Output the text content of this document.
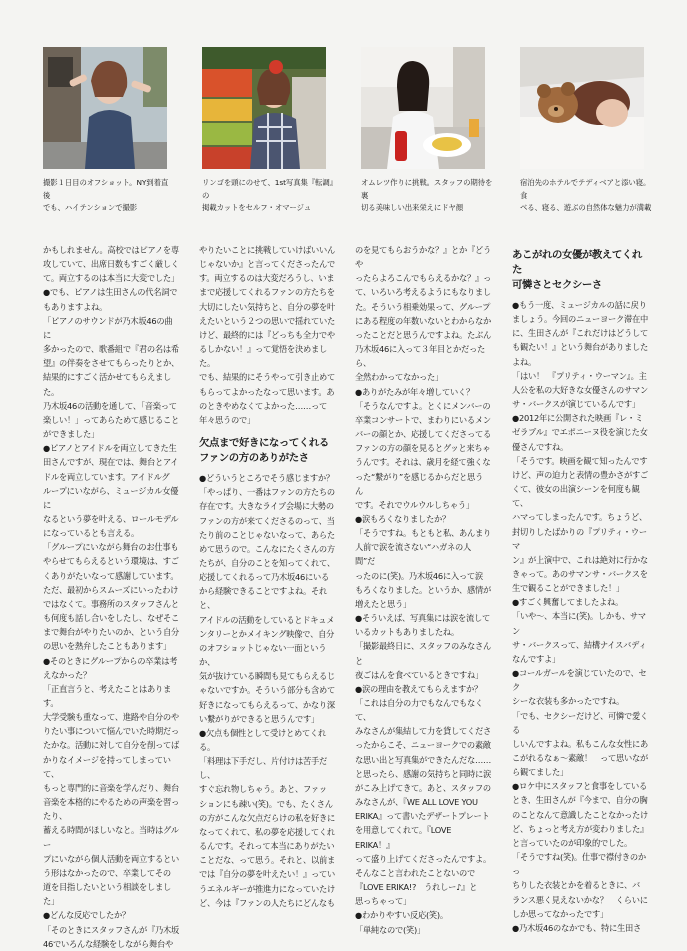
撮影１日目のオフショット。NY到着直後
でも、ハイテンションで撮影
リンゴを頭にのせて、1st写真集『転調』の
掲載カットをセルフ・オマージュ
オムレツ作りに挑戦。スタッフの期待を裏
切る美味しい出来栄えにドヤ顔
宿泊先のホテルでテディベアと添い寝。食
べる、寝る、遊ぶの自然体な魅力が満載

かもしれません。高校ではピアノを専
攻していて、出席日数もすごく厳しく
て。両立するのは本当に大変でした」

●でも、ピアノは生田さんの代名詞で
もありますよね。

「ピアノのサウンドが乃木坂46の曲に
多かったので、歌番組で『君の名は希
望』の伴奏をさせてもらったりとか、
結果的にすごく活かせてもらえました。
乃木坂46の活動を通して、「音楽って
楽しい！」ってあらためて感じること
ができました」

●ピアノとアイドルを両立してきた生
田さんですが、現在では、舞台とアイ
ドルを両立しています。アイドルグ
ループにいながら、ミュージカル女優に
なるという夢を叶える、ロールモデル
になっているとも言える。

「グループにいながら舞台のお仕事も
やらせてもらえるという環境は、すご
くありがたいなって感謝しています。
ただ、最初からスムーズにいったわけ
ではなくて。事務所のスタッフさんと
も何度も話し合いをしたし、なぜそこ
まで舞台がやりたいのか、という自分
の思いを熱弁したこともあります」

●そのときにグループからの卒業は考
えなかった？

「正直言うと、考えたことはあります。
大学受験も重なって、進路や自分のや
りたい事について悩んでいた時期だっ
たかな。活動に対して自分を削ってば
かりなイメージを持ってしまっていて、
もっと専門的に音楽を学んだり、舞台
音楽を本格的にやるための声楽を習ったり、
蓄える時間がほしいなと。当時はグルー
プにいながら個人活動を両立するとい
う形はなかったので、卒業してその
道を目指したいという相談をしました」

●どんな反応でしたか？

「そのときにスタッフさんが『乃木坂
46でいろんな経験をしながら舞台や

やりたいことに挑戦していけばいいん
じゃないか』と言ってくださったんで
す。両立するのは大変だろうし、いま
まで応援してくれるファンの方たちを
大切にしたい気持ちと、自分の夢を叶
えたいという２つの思いで揺れていた
けど、最終的には『どっちも全力でや
るしかない！』って覚悟を決めました。
でも、結果的にそうやって引き止めて
もらってよかったなって思います。あ
のときやめなくてよかった……って
年々思うので」

欠点まで好きになってくれる
ファンの方のありがたさ

●どういうところでそう感じますか？

「やっぱり、一番はファンの方たちの
存在です。大きなライブ会場に大勢の
ファンの方が来てくださるのって、当
たり前のことじゃないなって、あらた
めて思うので。こんなにたくさんの方
たちが、自分のことを知ってくれて、
応援してくれるって乃木坂46にいる
から経験できることですよね。それと、
アイドルの活動をしているとドキュメ
ンタリーとかメイキング映像で、自分
のオフショットじゃない一面というか、
気が抜けている瞬間も見てもらえるじ
ゃないですか。そういう部分も含めて
好きになってもらえるって、かなり深
い繋がりができると思うんです」

●欠点も個性として受けとめてくれる。

「料理は下手だし、片付けは苦手だし、
すぐ忘れ物しちゃう。あと、ファッ
ションにも疎い(笑)。でも、たくさん
の方がこんな欠点だらけの私を好きに
なってくれて、私の夢を応援してくれ
るんです。それって本当にありがたい
ことだな、って思う。それと、以前ま
では『自分の夢を叶えたい！』ってい
うエネルギーが推進力になっていたけ
ど、今は『ファンの人たちにどんなも

のを見てもらおうかな？』とか『どうや
ったらよろこんでもらえるかな？』っ
て、いろいろ考えるようにもなりまし
た。そういう相乗効果って、グループ
にある程度の年数いないとわからなか
ったことだと思うんですよね。たぶん
乃木坂46に入って３年目とかだったら、
全然わかってなかった」

●ありがたみが年々増していく？

「そうなんですよ。とくにメンバーの
卒業コンサートで、まわりにいるメン
バーの顔とか、応援してくださってる
ファンの方の顔を見るとグッと来ちゃ
うんです。それは、歳月を経て強くな
った“繋がり”を感じるからだと思うん
です。それでウルウルしちゃう」

●涙もろくなりましたか？

「そうですね。もともと私、あんまり
人前で涙を流さない“ハガネの人間”だ
ったのに(笑)。乃木坂46に入って涙
もろくなりました。というか、感情が
増えたと思う」

●そういえば、写真集には涙を流して
いるカットもありましたね。

「撮影最終日に、スタッフのみなさんと
夜ごはんを食べているときですね」

●涙の理由を教えてもらえますか？

「これは自分の力でもなんでもなくて、
みなさんが集結して力を貸してくださ
ったからこそ、ニューヨークでの素敵
な思い出と写真集ができたんだな……
と思ったら、感謝の気持ちと同時に涙
がこみ上げてきて。あと、スタッフの
みなさんが、『WE ALL LOVE YOU
ERIKA』って書いたデザートプレート
を用意してくれて。『LOVE ERIKA！』
って盛り上げてくださったんですよ。
そんなこと言われたことないので
『LOVE ERIKA!?　うれしー♪』と
思っちゃって」

●わかりやすい反応(笑)。

「単純なので(笑)」

あこがれの女優が教えてくれた
可憐さとセクシーさ

●もう一度、ミュージカルの話に戻り
ましょう。今回のニューヨーク滞在中
に、生田さんが『これだけはどうして
も観たい！』という舞台がありました
よね。

「はい！　『プリティ・ウーマン』。主
人公を私の大好きな女優さんのサマン
サ・バークスが演じているんです」

●2012年に公開された映画『レ・ミ
ゼラブル』でエポニーヌ役を演じた女
優さんですね。

「そうです。映画を観て知ったんです
けど、声の迫力と表情の豊かさがすご
くて、彼女の出演シーンを何度も観て、
ハマってしまったんです。ちょうど、
封切りしたばかりの『プリティ・ウーマ
ン』が上演中で、これは絶対に行かな
きゃって。あのサマンサ・バークスを
生で観ることができました！」

●すごく興奮してましたよね。

「いや～、本当に(笑)。しかも、サマン
サ・バークスって、結構ナイスバディ
なんですよ」

●コールガールを演じていたので、セク
シーな衣装も多かったですね。

「でも、セクシーだけど、可憐で愛くる
しいんですよね。私もこんな女性にあ
こがれるなぁ～素敵！　って思いなが
ら観てました」

●ロケ中にスタッフと食事をしている
とき、生田さんが『今まで、自分の胸
のことなんて意識したことなかったけ
ど、ちょっと考え方が変わりました』
と言っていたのが印象的でした。

「そうですね(笑)。仕事で襟付きのかっ
ちりした衣装とかを着るときに、バ
ランス悪く見えないかな？　くらいに
しか思ってなかったです」

●乃木坂46のなかでも、特に生田さ
